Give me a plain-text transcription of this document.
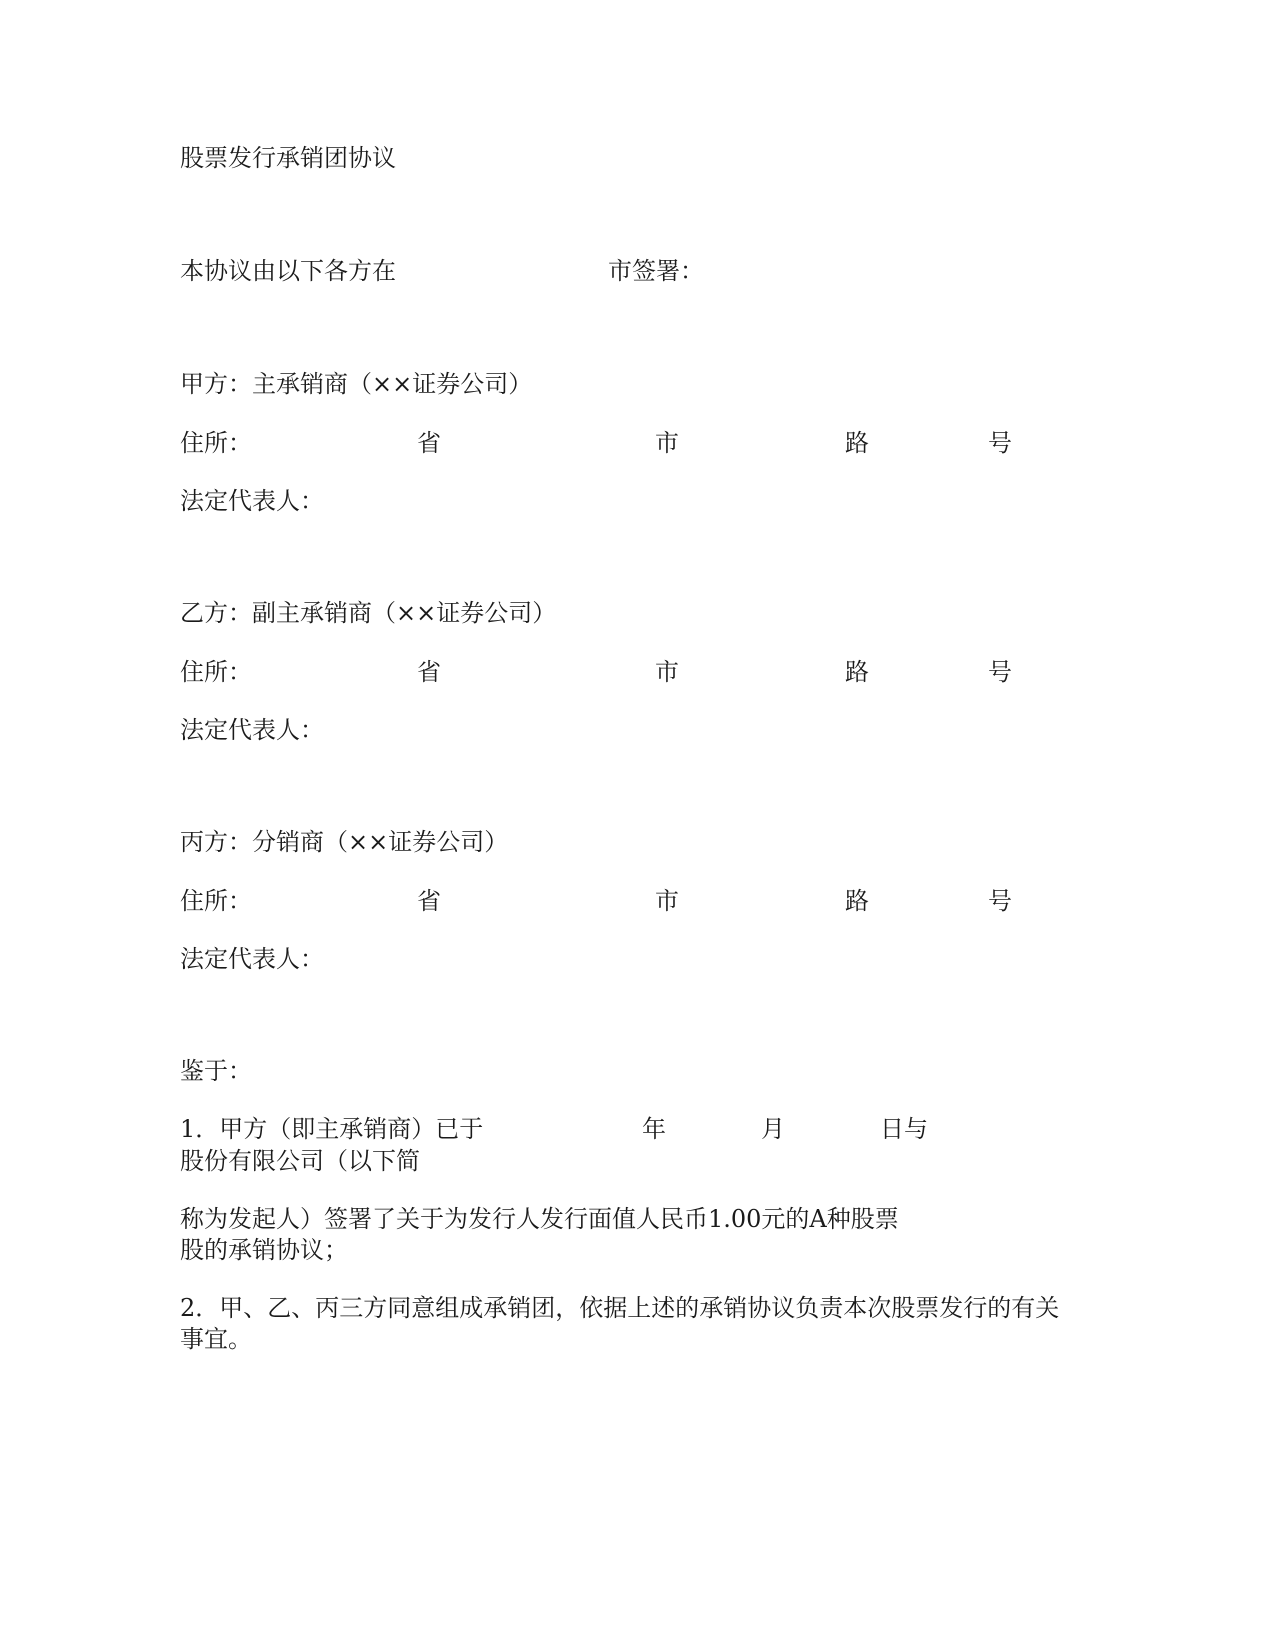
股票发行承销团协议
本协议由以下各方在	市签署：
甲方：主承销商（××证券公司）
住所：	省	市	路	号
法定代表人：
乙方：副主承销商（××证券公司）
住所：	省	市	路	号
法定代表人：
丙方：分销商（××证券公司）
住所：	省	市	路	号
法定代表人：
鉴于：
1．甲方（即主承销商）已于	年	月	日与
股份有限公司（以下简
称为发起人）签署了关于为发行人发行面值人民币1.00元的A种股票
股的承销协议；
2．甲、乙、丙三方同意组成承销团，依据上述的承销协议负责本次股票发行的有关
事宜。
